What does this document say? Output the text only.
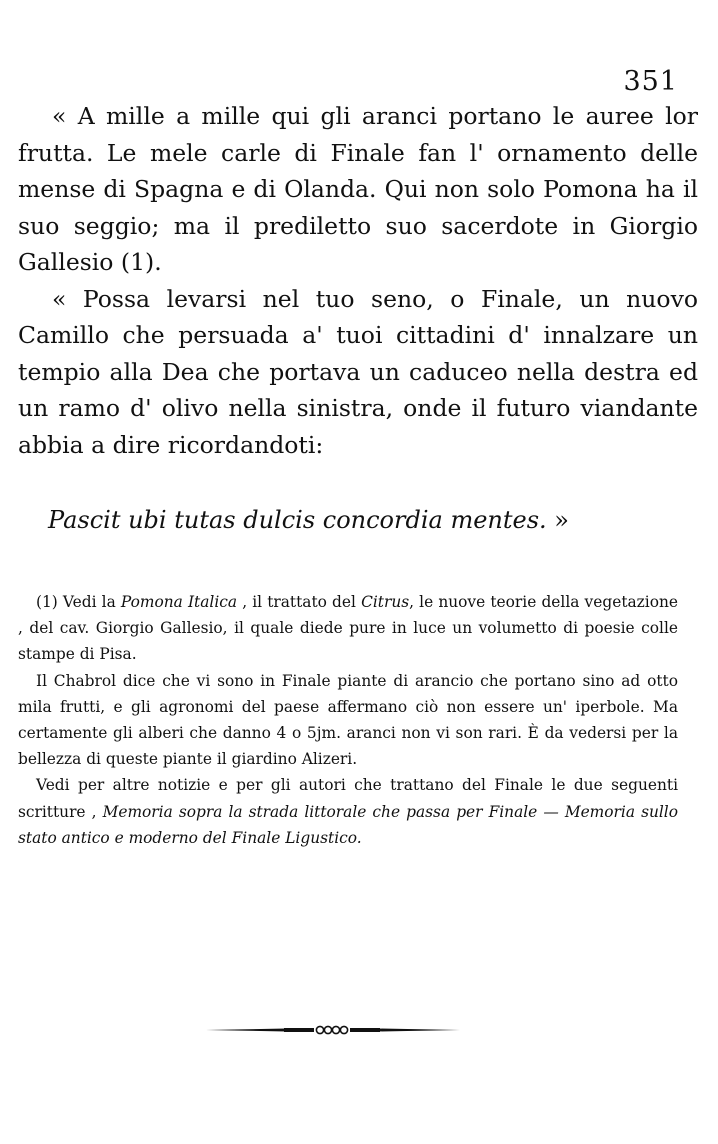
351

« A mille a mille qui gli aranci portano le auree lor frutta. Le mele carle di Finale fan l' ornamento delle mense di Spagna e di Olanda. Qui non solo Pomona ha il suo seggio; ma il prediletto suo sacerdote in Giorgio Gallesio (1).

« Possa levarsi nel tuo seno, o Finale, un nuovo Camillo che persuada a' tuoi cittadini d' innalzare un tempio alla Dea che portava un caduceo nella destra ed un ramo d' olivo nella sinistra, onde il futuro viandante abbia a dire ricordandoti:

Pascit ubi tutas dulcis concordia mentes. »

(1) Vedi la Pomona Italica , il trattato del Citrus, le nuove teorie della vegetazione , del cav. Giorgio Gallesio, il quale diede pure in luce un volumetto di poesie colle stampe di Pisa.

Il Chabrol dice che vi sono in Finale piante di arancio che portano sino ad otto mila frutti, e gli agronomi del paese affermano ciò non essere un' iperbole. Ma certamente gli alberi che danno 4 o 5jm. aranci non vi son rari. È da vedersi per la bellezza di queste piante il giardino Alizeri.

Vedi per altre notizie e per gli autori che trattano del Finale le due seguenti scritture , Memoria sopra la strada littorale che passa per Finale — Memoria sullo stato antico e moderno del Finale Ligustico.
